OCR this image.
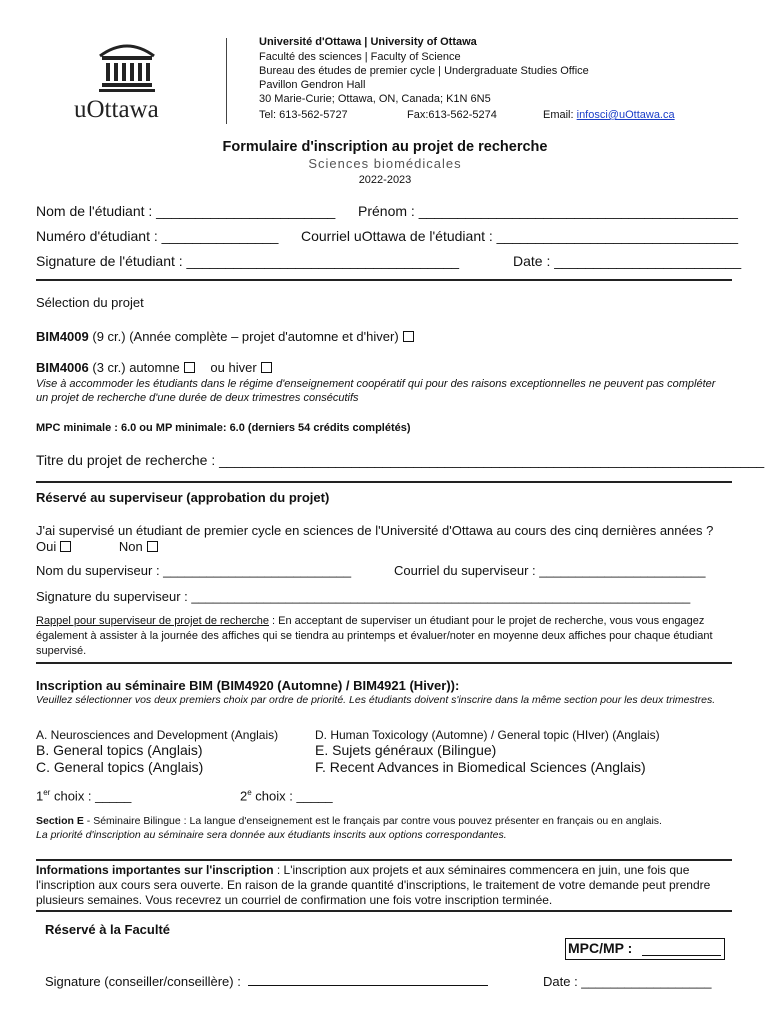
uOttawa
Université d'Ottawa | University of Ottawa
Faculté des sciences | Faculty of Science
Bureau des études de premier cycle | Undergraduate Studies Office
Pavillon Gendron Hall
30 Marie-Curie; Ottawa, ON, Canada; K1N 6N5
Tel: 613-562-5727	Fax:613-562-5274	Email: infosci@uOttawa.ca
Formulaire d'inscription au projet de recherche
Sciences biomédicales
2022-2023
Nom de l'étudiant : _______________________ Prénom : _________________________________________
Numéro d'étudiant : _______________ Courriel uOttawa de l'étudiant : _______________________________
Signature de l'étudiant : ___________________________________	Date : ________________________
Sélection du projet
BIM4009 (9 cr.) (Année complète – projet d'automne et d'hiver)
BIM4006 (3 cr.) automne ou hiver
Vise à accommoder les étudiants dans le régime d'enseignement coopératif qui pour des raisons exceptionnelles ne peuvent pas compléter un projet de recherche d'une durée de deux trimestres consécutifs
MPC minimale : 6.0 ou MP minimale: 6.0 (derniers 54 crédits complétés)
Titre du projet de recherche : ______________________________________________________________________
Réservé au superviseur (approbation du projet)
J'ai supervisé un étudiant de premier cycle en sciences de l'Université d'Ottawa au cours des cinq dernières années ? Oui	Non
Nom du superviseur : __________________________	Courriel du superviseur : _______________________
Signature du superviseur : _____________________________________________________________________
Rappel pour superviseur de projet de recherche : En acceptant de superviser un étudiant pour le projet de recherche, vous vous engagez également à assister à la journée des affiches qui se tiendra au printemps et évaluer/noter en moyenne deux affiches pour chaque étudiant supervisé.
Inscription au séminaire BIM (BIM4920 (Automne) / BIM4921 (Hiver)):
Veuillez sélectionner vos deux premiers choix par ordre de priorité. Les étudiants doivent s'inscrire dans la même section pour les deux trimestres.
A. Neurosciences and Development (Anglais)
B. General topics (Anglais)
C. General topics (Anglais)
D. Human Toxicology (Automne) / General topic (HIver) (Anglais)
E. Sujets généraux (Bilingue)
F. Recent Advances in Biomedical Sciences (Anglais)
1er choix : _____	2e choix : _____
Section E - Séminaire Bilingue : La langue d'enseignement est le français par contre vous pouvez présenter en français ou en anglais.
La priorité d'inscription au séminaire sera donnée aux étudiants inscrits aux options correspondantes.
Informations importantes sur l'inscription : L'inscription aux projets et aux séminaires commencera en juin, une fois que l'inscription aux cours sera ouverte. En raison de la grande quantité d'inscriptions, le traitement de votre demande peut prendre plusieurs semaines. Vous recevrez un courriel de confirmation une fois votre inscription terminée.
Réservé à la Faculté
MPC/MP :
Signature (conseiller/conseillère) :	Date : __________________
